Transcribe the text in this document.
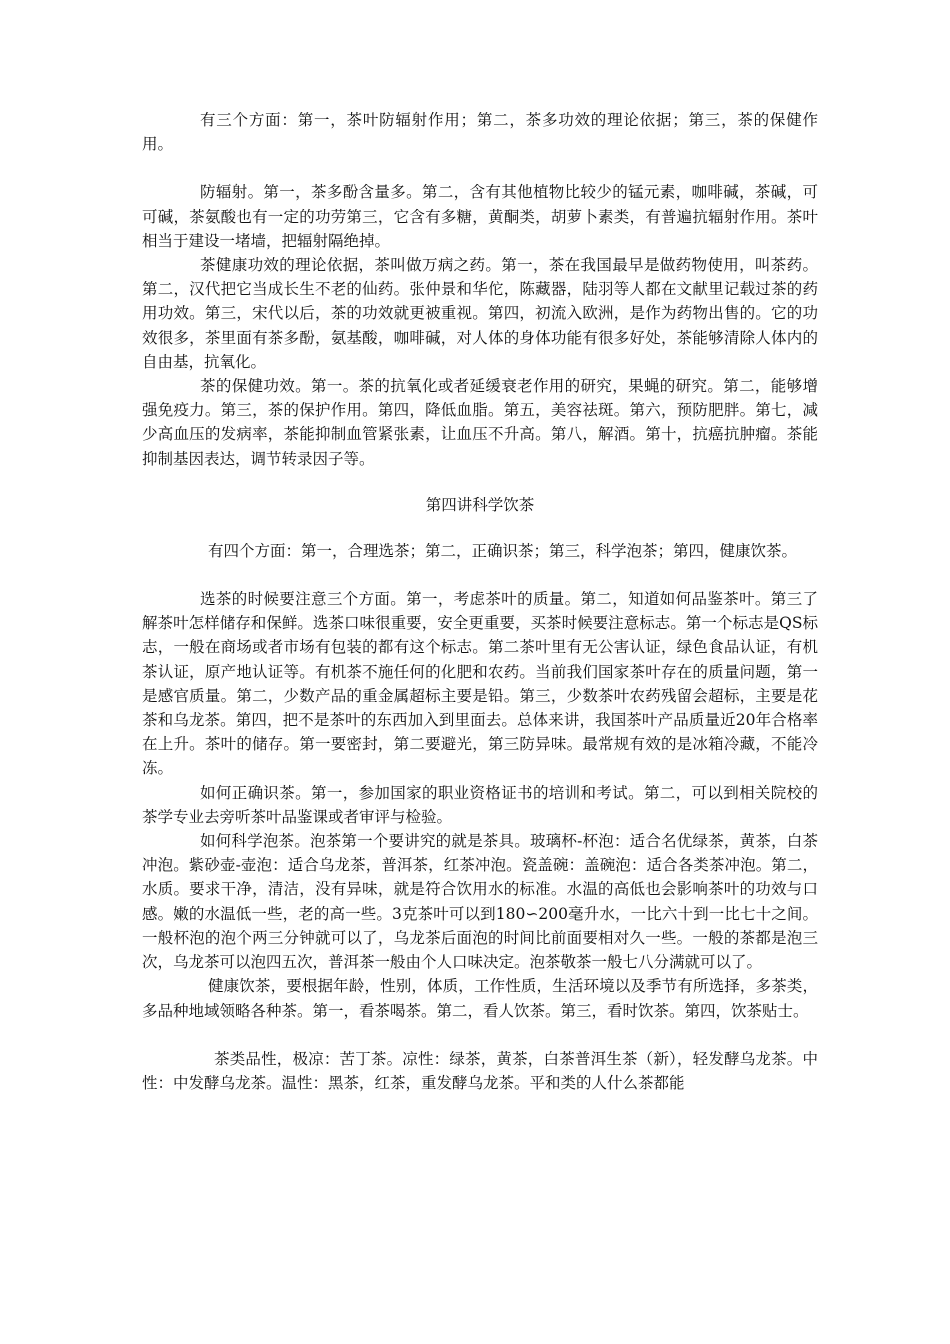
有三个方面：第一，茶叶防辐射作用；第二，茶多功效的理论依据；第三，茶的保健作用。

防辐射。第一，茶多酚含量多。第二，含有其他植物比较少的锰元素，咖啡碱，茶碱，可可碱，茶氨酸也有一定的功劳第三，它含有多糖，黄酮类，胡萝卜素类，有普遍抗辐射作用。茶叶相当于建设一堵墙，把辐射隔绝掉。

茶健康功效的理论依据，茶叫做万病之药。第一，茶在我国最早是做药物使用，叫茶药。第二，汉代把它当成长生不老的仙药。张仲景和华佗，陈藏器，陆羽等人都在文献里记载过茶的药用功效。第三，宋代以后，茶的功效就更被重视。第四，初流入欧洲，是作为药物出售的。它的功效很多，茶里面有茶多酚，氨基酸，咖啡碱，对人体的身体功能有很多好处，茶能够清除人体内的自由基，抗氧化。

茶的保健功效。第一。茶的抗氧化或者延缓衰老作用的研究，果蝇的研究。第二，能够增强免疫力。第三，茶的保护作用。第四，降低血脂。第五，美容祛斑。第六，预防肥胖。第七，减少高血压的发病率，茶能抑制血管紧张素，让血压不升高。第八，解酒。第十，抗癌抗肿瘤。茶能抑制基因表达，调节转录因子等。

第四讲科学饮茶

有四个方面：第一，合理选茶；第二，正确识茶；第三，科学泡茶；第四，健康饮茶。

选茶的时候要注意三个方面。第一，考虑茶叶的质量。第二，知道如何品鉴茶叶。第三了解茶叶怎样储存和保鲜。选茶口味很重要，安全更重要，买茶时候要注意标志。第一个标志是QS标志，一般在商场或者市场有包装的都有这个标志。第二茶叶里有无公害认证，绿色食品认证，有机茶认证，原产地认证等。有机茶不施任何的化肥和农药。当前我们国家茶叶存在的质量问题，第一是感官质量。第二，少数产品的重金属超标主要是铅。第三，少数茶叶农药残留会超标，主要是花茶和乌龙茶。第四，把不是茶叶的东西加入到里面去。总体来讲，我国茶叶产品质量近20年合格率在上升。茶叶的储存。第一要密封，第二要避光，第三防异味。最常规有效的是冰箱冷藏，不能冷冻。

如何正确识茶。第一，参加国家的职业资格证书的培训和考试。第二，可以到相关院校的茶学专业去旁听茶叶品鉴课或者审评与检验。

如何科学泡茶。泡茶第一个要讲究的就是茶具。玻璃杯-杯泡：适合名优绿茶，黄茶，白茶冲泡。紫砂壶-壶泡：适合乌龙茶，普洱茶，红茶冲泡。瓷盖碗：盖碗泡：适合各类茶冲泡。第二，水质。要求干净，清洁，没有异味，就是符合饮用水的标准。水温的高低也会影响茶叶的功效与口感。嫩的水温低一些，老的高一些。3克茶叶可以到180∽200毫升水，一比六十到一比七十之间。一般杯泡的泡个两三分钟就可以了，乌龙茶后面泡的时间比前面要相对久一些。一般的茶都是泡三次，乌龙茶可以泡四五次，普洱茶一般由个人口味决定。泡茶敬茶一般七八分满就可以了。

健康饮茶，要根据年龄，性别，体质，工作性质，生活环境以及季节有所选择，多茶类，多品种地域领略各种茶。第一，看茶喝茶。第二，看人饮茶。第三，看时饮茶。第四，饮茶贴士。

茶类品性，极凉：苦丁茶。凉性：绿茶，黄茶，白茶普洱生茶（新），轻发酵乌龙茶。中性：中发酵乌龙茶。温性：黑茶，红茶，重发酵乌龙茶。平和类的人什么茶都能
